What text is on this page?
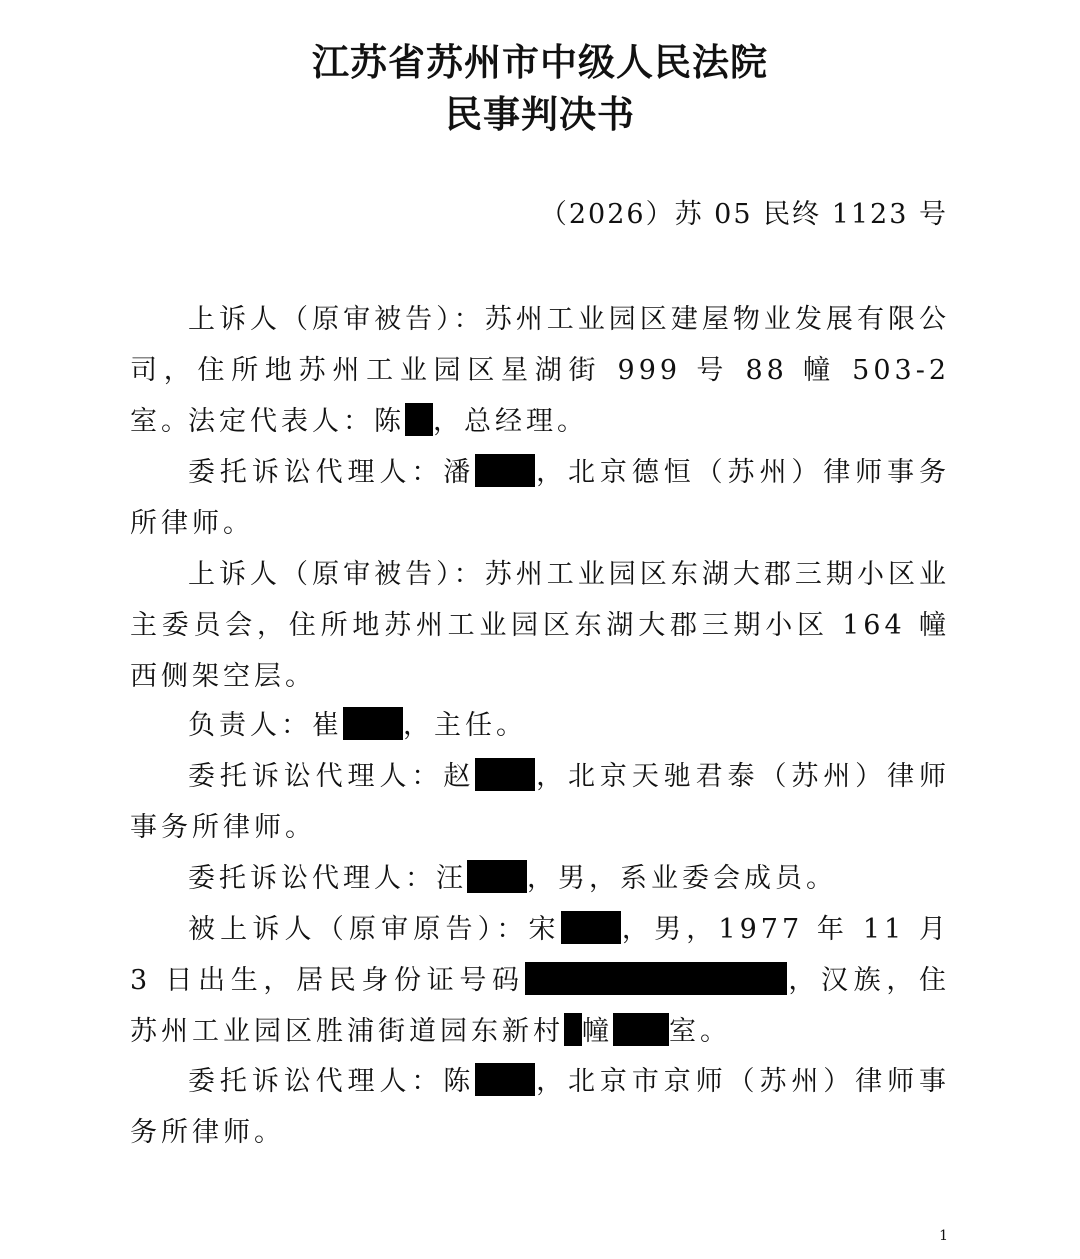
江苏省苏州市中级人民法院
民事判决书
（2026）苏 05 民终 1123 号

上诉人（原审被告）：苏州工业园区建屋物业发展有限公司，住所地苏州工业园区星湖街 999 号 88 幢 503-2 室。

法定代表人：陈 ，总经理。

委托诉讼代理人：潘 ，北京德恒（苏州）律师事务所律师。

上诉人（原审被告）：苏州工业园区东湖大郡三期小区业主委员会，住所地苏州工业园区东湖大郡三期小区 164 幢西侧架空层。

负责人：崔 ，主任。

委托诉讼代理人：赵 ，北京天驰君泰（苏州）律师事务所律师。

委托诉讼代理人：汪 ，男，系业委会成员。

被上诉人（原审原告）：宋 ，男，1977 年 11 月 3 日出生，居民身份证号码	，汉族，住苏州工业园区胜浦街道园东新村 幢 室。

委托诉讼代理人：陈 ，北京市京师（苏州）律师事务所律师。

1
